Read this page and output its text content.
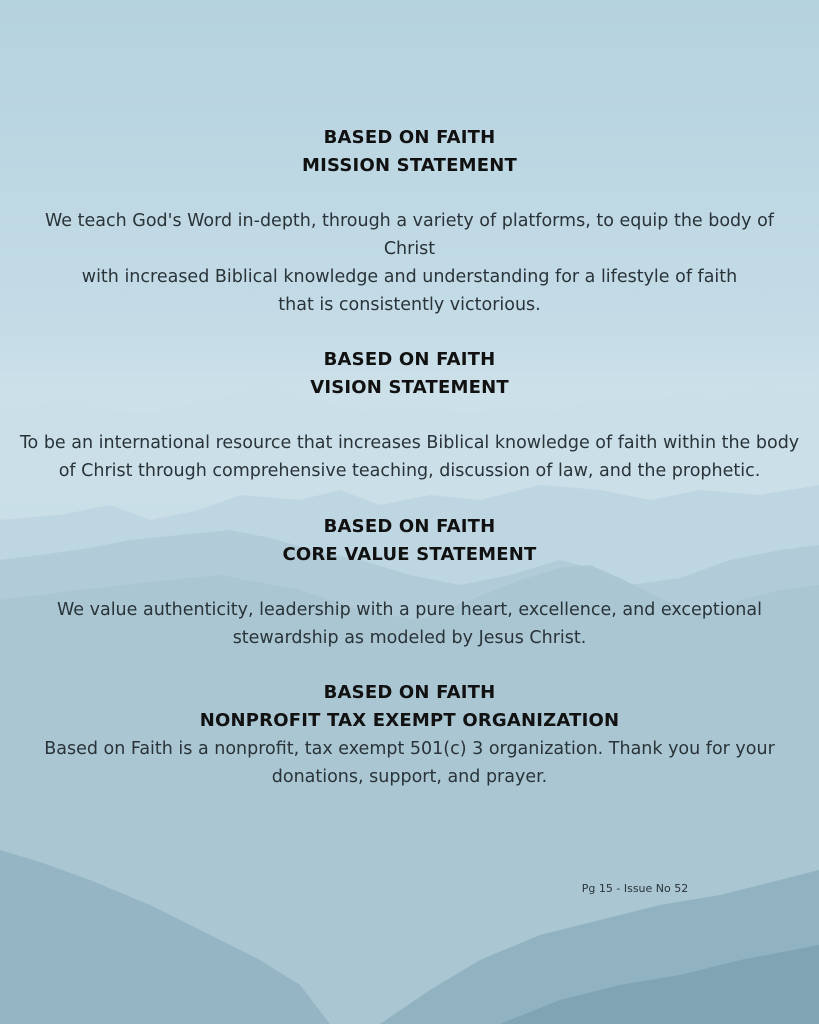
BASED ON FAITH
MISSION STATEMENT
We teach God's Word in-depth, through a variety of platforms, to equip the body of
Christ
with increased Biblical knowledge and understanding for a lifestyle of faith
that is consistently victorious.
BASED ON FAITH
VISION STATEMENT
To be an international resource that increases Biblical knowledge of faith within the body
of Christ through comprehensive teaching, discussion of law, and the prophetic.
BASED ON FAITH
CORE VALUE STATEMENT
We value authenticity, leadership with a pure heart, excellence, and exceptional
stewardship as modeled by Jesus Christ.
BASED ON FAITH
NONPROFIT TAX EXEMPT ORGANIZATION
Based on Faith is a nonprofit, tax exempt 501(c) 3 organization. Thank you for your
donations, support, and prayer.
Pg 15 - Issue No 52
